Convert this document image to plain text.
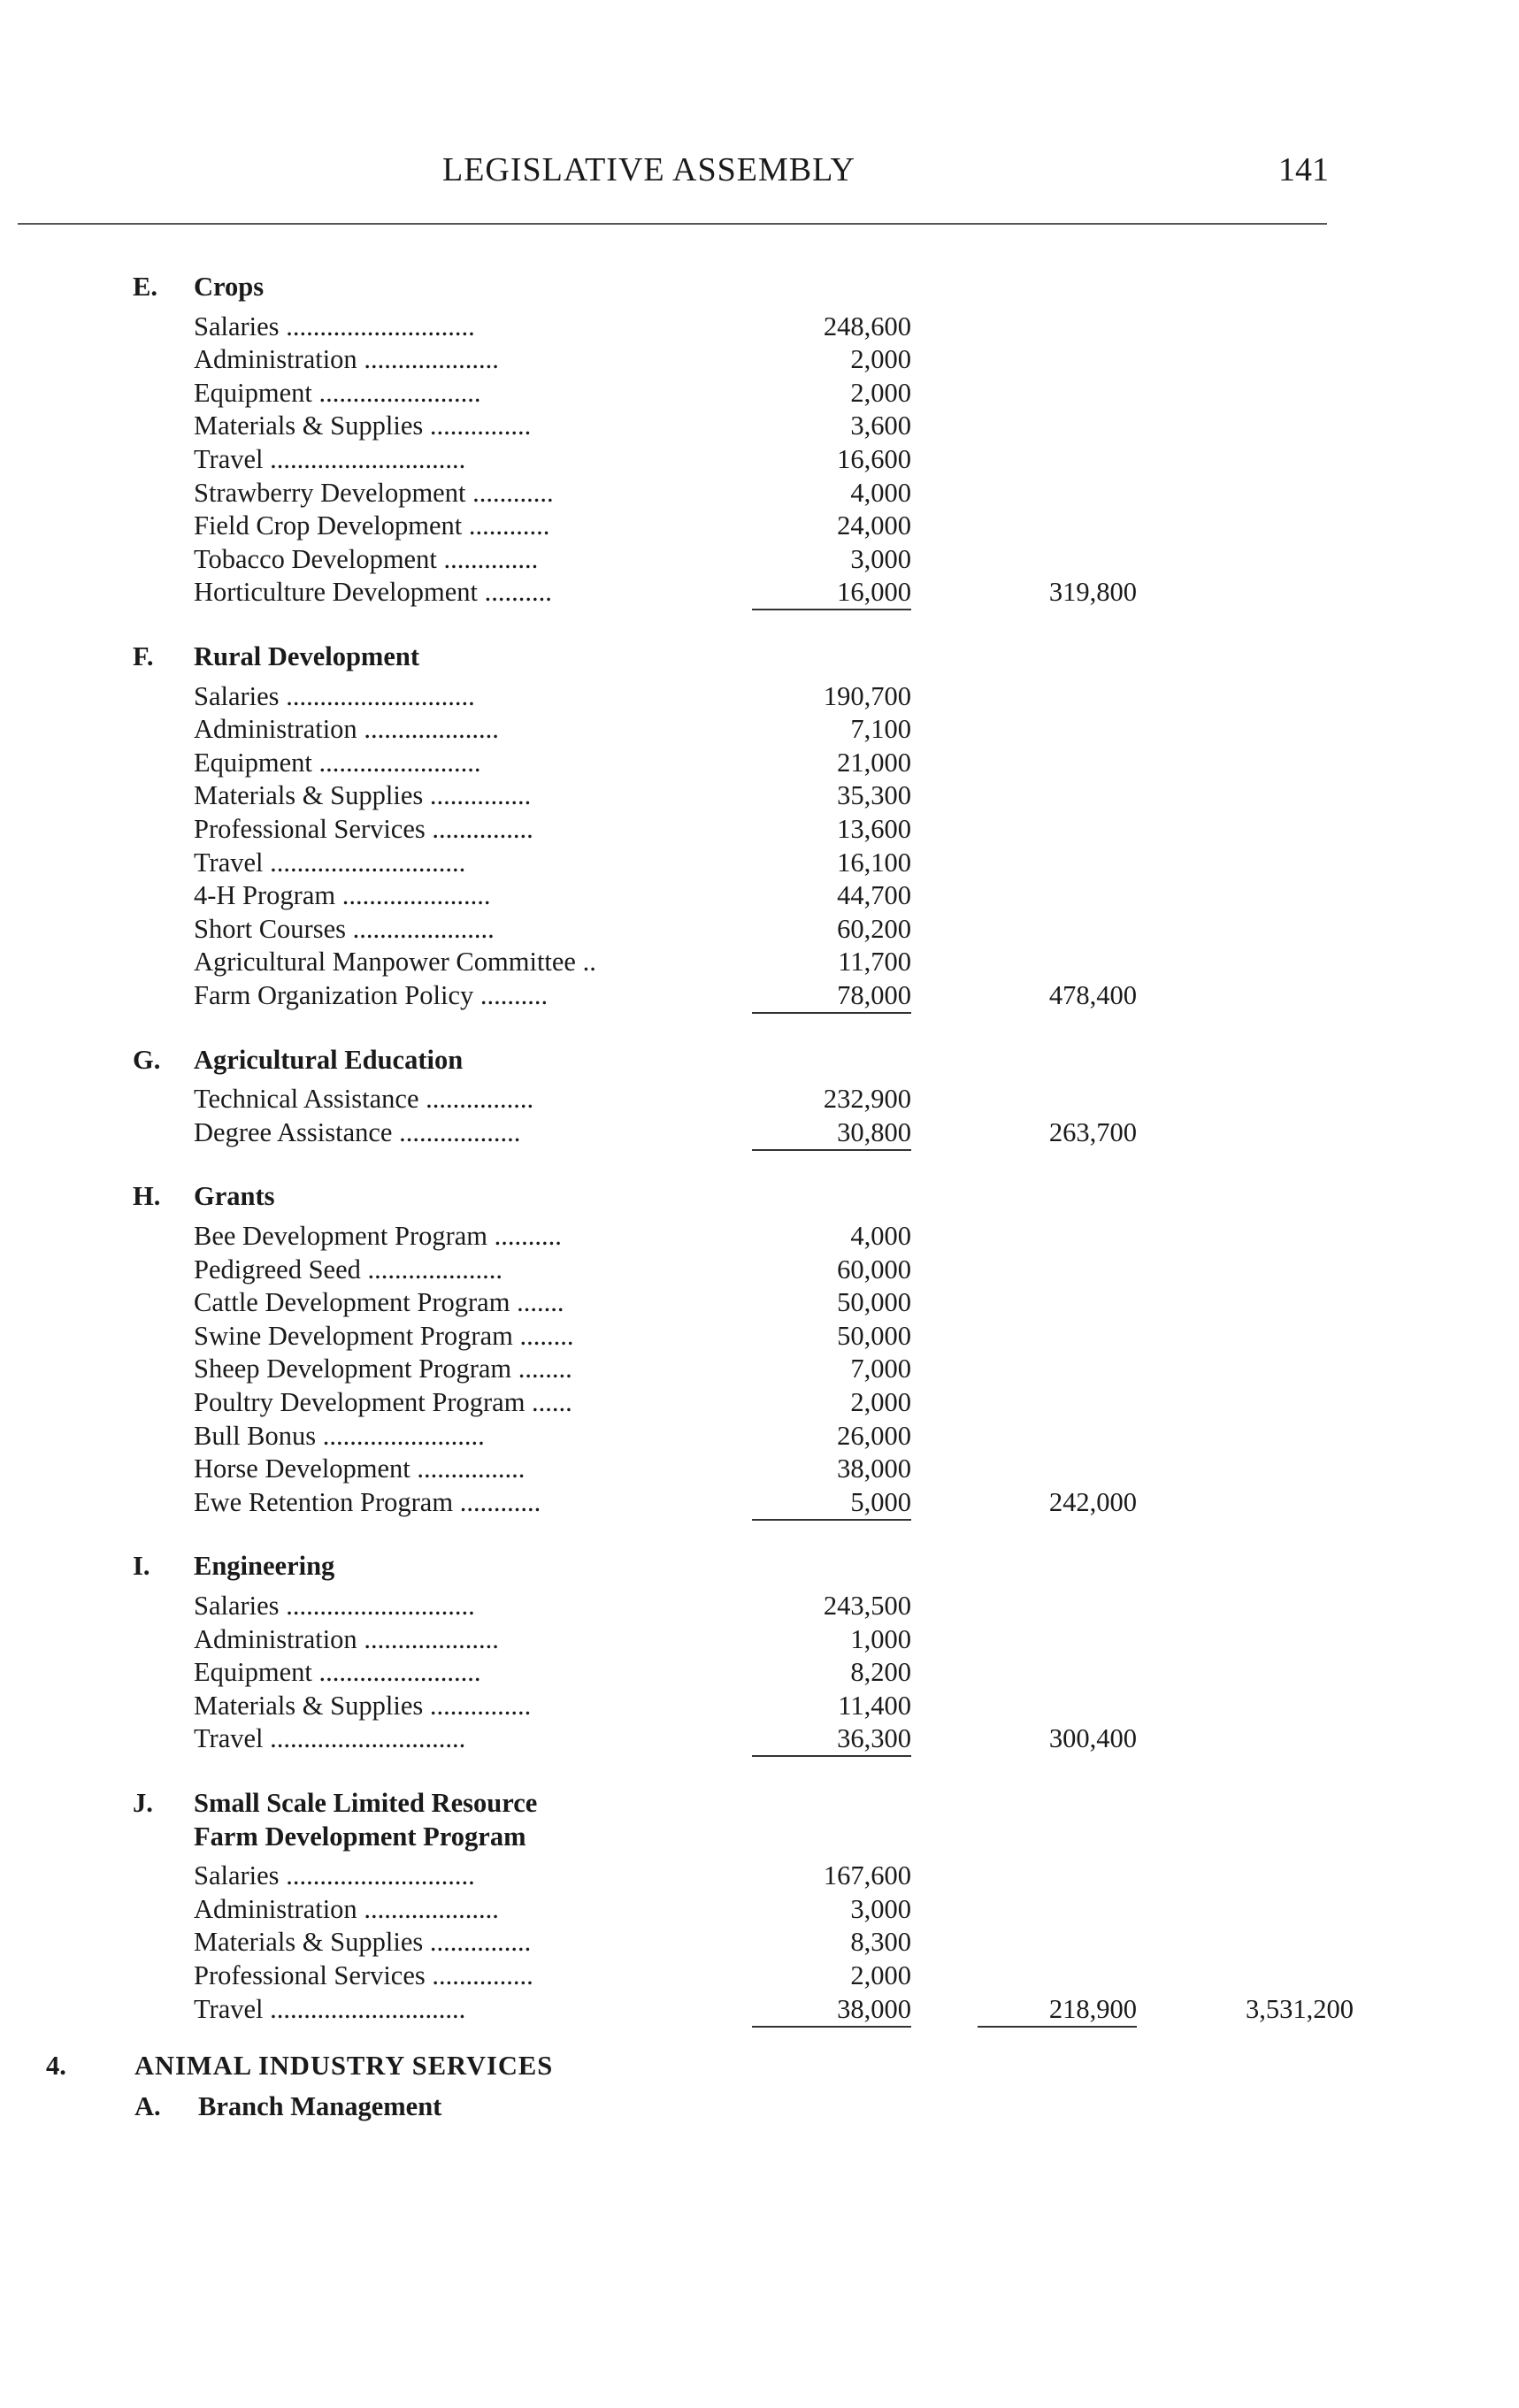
LEGISLATIVE ASSEMBLY	141
E. Crops
Salaries ............................	248,600
Administration ....................	2,000
Equipment ........................	2,000
Materials & Supplies ...............	3,600
Travel .............................	16,600
Strawberry Development ............	4,000
Field Crop Development ............	24,000
Tobacco Development ..............	3,000
Horticulture Development ..........	16,000	319,800
F. Rural Development
Salaries ............................	190,700
Administration ....................	7,100
Equipment ........................	21,000
Materials & Supplies ...............	35,300
Professional Services ...............	13,600
Travel .............................	16,100
4-H Program ......................	44,700
Short Courses .....................	60,200
Agricultural Manpower Committee ..	11,700
Farm Organization Policy ..........	78,000	478,400
G. Agricultural Education
Technical Assistance ................	232,900
Degree Assistance ..................	30,800	263,700
H. Grants
Bee Development Program ..........	4,000
Pedigreed Seed ....................	60,000
Cattle Development Program .......	50,000
Swine Development Program ........	50,000
Sheep Development Program ........	7,000
Poultry Development Program ......	2,000
Bull Bonus ........................	26,000
Horse Development ................	38,000
Ewe Retention Program ............	5,000	242,000
I. Engineering
Salaries ............................	243,500
Administration ....................	1,000
Equipment ........................	8,200
Materials & Supplies ...............	11,400
Travel .............................	36,300	300,400
J. Small Scale Limited Resource
Farm Development Program
Salaries ............................	167,600
Administration ....................	3,000
Materials & Supplies ...............	8,300
Professional Services ...............	2,000
Travel .............................	38,000	218,900	3,531,200
4.	ANIMAL INDUSTRY SERVICES
A. Branch Management
